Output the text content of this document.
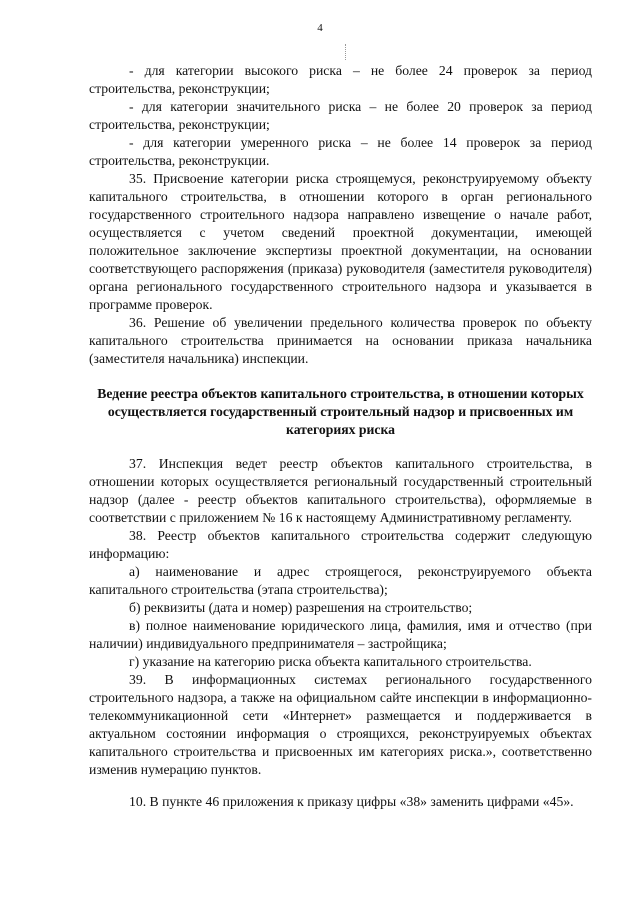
4

- для категории высокого риска – не более 24 проверок за период строительства, реконструкции;

- для категории значительного риска – не более 20 проверок за период строительства, реконструкции;

- для категории умеренного риска – не более 14 проверок за период строительства, реконструкции.

35. Присвоение категории риска строящемуся, реконструируемому объекту капитального строительства, в отношении которого в орган регионального государственного строительного надзора направлено извещение о начале работ, осуществляется с учетом сведений проектной документации, имеющей положительное заключение экспертизы проектной документации, на основании соответствующего распоряжения (приказа) руководителя (заместителя руководителя) органа регионального государственного строительного надзора и указывается в программе проверок.

36. Решение об увеличении предельного количества проверок по объекту капитального строительства принимается на основании приказа начальника (заместителя начальника) инспекции.

Ведение реестра объектов капитального строительства, в отношении которых осуществляется государственный строительный надзор и присвоенных им категориях риска

37. Инспекция ведет реестр объектов капитального строительства, в отношении которых осуществляется региональный государственный строительный надзор (далее - реестр объектов капитального строительства), оформляемые в соответствии с приложением № 16 к настоящему Административному регламенту.

38. Реестр объектов капитального строительства содержит следующую информацию:

а) наименование и адрес строящегося, реконструируемого объекта капитального строительства (этапа строительства);

б) реквизиты (дата и номер) разрешения на строительство;

в) полное наименование юридического лица, фамилия, имя и отчество (при наличии) индивидуального предпринимателя – застройщика;

г) указание на категорию риска объекта капитального строительства.

39. В информационных системах регионального государственного строительного надзора, а также на официальном сайте инспекции в информационно-телекоммуникационной сети «Интернет» размещается и поддерживается в актуальном состоянии информация о строящихся, реконструируемых объектах капитального строительства и присвоенных им категориях риска.», соответственно изменив нумерацию пунктов.

10. В пункте 46 приложения к приказу цифры «38» заменить цифрами «45».
